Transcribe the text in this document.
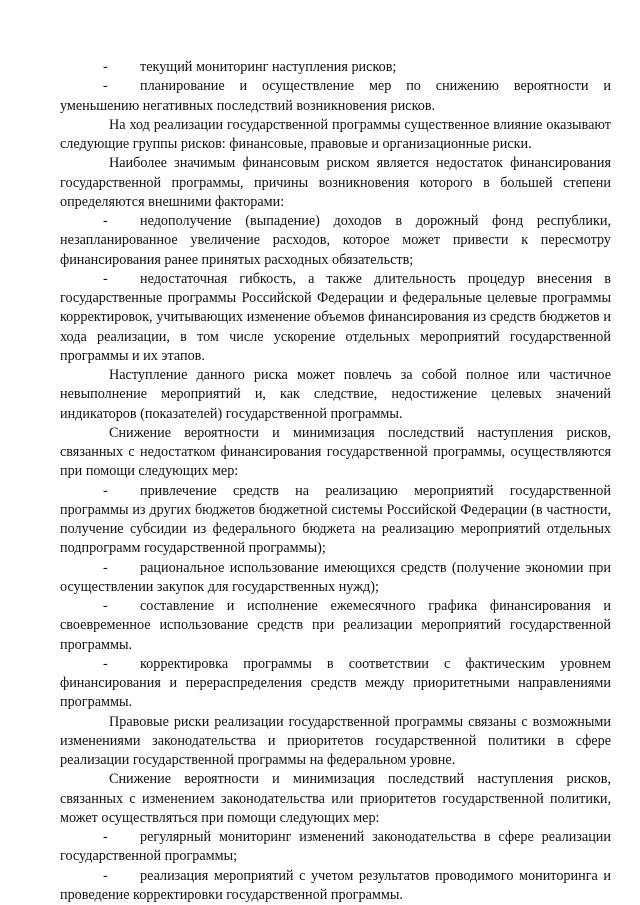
-	текущий мониторинг наступления рисков;

-	планирование и осуществление мер по снижению вероятности и уменьшению негативных последствий возникновения рисков.

На ход реализации государственной программы существенное влияние оказывают следующие группы рисков: финансовые, правовые и организационные риски.

Наиболее значимым финансовым риском является недостаток финансирования государственной программы, причины возникновения которого в большей степени определяются внешними факторами:

-	недополучение (выпадение) доходов в дорожный фонд республики, незапланированное увеличение расходов, которое может привести к пересмотру финансирования ранее принятых расходных обязательств;

-	недостаточная гибкость, а также длительность процедур внесения в государственные программы Российской Федерации и федеральные целевые программы корректировок, учитывающих изменение объемов финансирования из средств бюджетов и хода реализации, в том числе ускорение отдельных мероприятий государственной программы и их этапов.

Наступление данного риска может повлечь за собой полное или частичное невыполнение мероприятий и, как следствие, недостижение целевых значений индикаторов (показателей) государственной программы.

Снижение вероятности и минимизация последствий наступления рисков, связанных с недостатком финансирования государственной программы, осуществляются при помощи следующих мер:

-	привлечение средств на реализацию мероприятий государственной программы из других бюджетов бюджетной системы Российской Федерации (в частности, получение субсидии из федерального бюджета на реализацию мероприятий отдельных подпрограмм государственной программы);

-	рациональное использование имеющихся средств (получение экономии при осуществлении закупок для государственных нужд);

-	составление и исполнение ежемесячного графика финансирования и своевременное использование средств при реализации мероприятий государственной программы.

-	корректировка программы в соответствии с фактическим уровнем финансирования и перераспределения средств между приоритетными направлениями программы.

Правовые риски реализации государственной программы связаны с возможными изменениями законодательства и приоритетов государственной политики в сфере реализации государственной программы на федеральном уровне.

Снижение вероятности и минимизация последствий наступления рисков, связанных с изменением законодательства или приоритетов государственной политики, может осуществляться при помощи следующих мер:

-	регулярный мониторинг изменений законодательства в сфере реализации государственной программы;

-	реализация мероприятий с учетом результатов проводимого мониторинга и проведение корректировки государственной программы.
